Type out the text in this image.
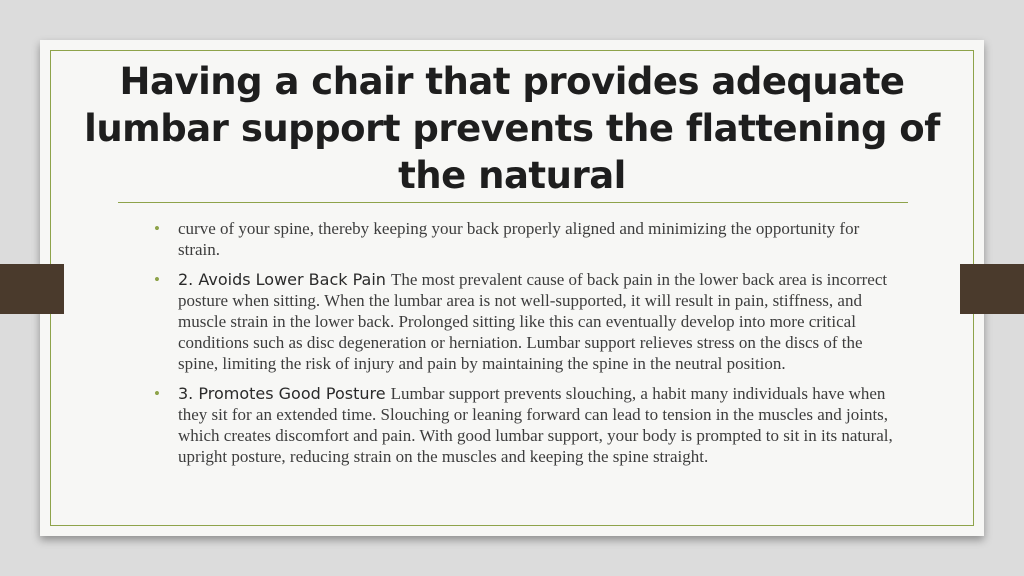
Having a chair that provides adequate lumbar support prevents the flattening of the natural
• curve of your spine, thereby keeping your back properly aligned and minimizing the opportunity for strain.
• 2. Avoids Lower Back Pain The most prevalent cause of back pain in the lower back area is incorrect posture when sitting. When the lumbar area is not well-supported, it will result in pain, stiffness, and muscle strain in the lower back. Prolonged sitting like this can eventually develop into more critical conditions such as disc degeneration or herniation. Lumbar support relieves stress on the discs of the spine, limiting the risk of injury and pain by maintaining the spine in the neutral position.
• 3. Promotes Good Posture Lumbar support prevents slouching, a habit many individuals have when they sit for an extended time. Slouching or leaning forward can lead to tension in the muscles and joints, which creates discomfort and pain. With good lumbar support, your body is prompted to sit in its natural, upright posture, reducing strain on the muscles and keeping the spine straight.
